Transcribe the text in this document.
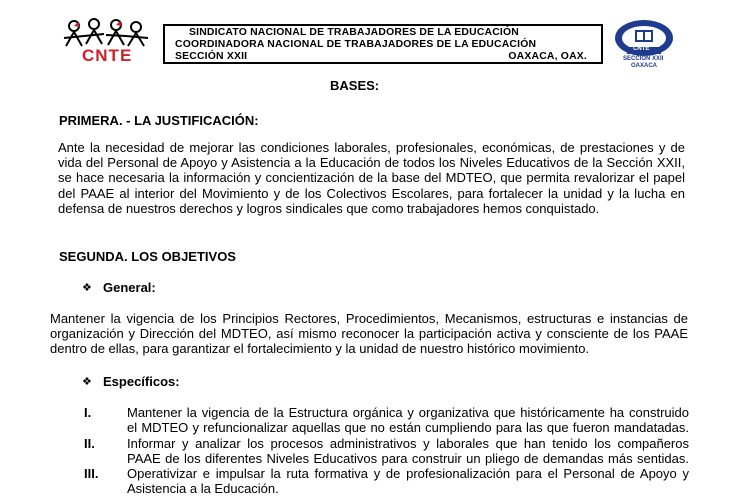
CNTE
SINDICATO NACIONAL DE TRABAJADORES DE LA EDUCACIÓN
COORDINADORA NACIONAL DE TRABAJADORES DE LA EDUCACIÓN
SECCIÓN XXII	OAXACA, OAX.
CNTE
SECCION XXII
OAXACA
BASES:
PRIMERA. - LA JUSTIFICACIÓN:
Ante la necesidad de mejorar las condiciones laborales, profesionales, económicas, de prestaciones y de
vida del Personal de Apoyo y Asistencia a la Educación de todos los Niveles Educativos de la Sección XXII,
se hace necesaria la información y concientización de la base del MDTEO, que permita revalorizar el papel
del PAAE al interior del Movimiento y de los Colectivos Escolares, para fortalecer la unidad y la lucha en
defensa de nuestros derechos y logros sindicales que como trabajadores hemos conquistado.
SEGUNDA. LOS OBJETIVOS
❖ General:
Mantener la vigencia de los Principios Rectores, Procedimientos, Mecanismos, estructuras e instancias de
organización y Dirección del MDTEO, así mismo reconocer la participación activa y consciente de los PAAE
dentro de ellas, para garantizar el fortalecimiento y la unidad de nuestro histórico movimiento.
❖ Específicos:
I.	Mantener la vigencia de la Estructura orgánica y organizativa que históricamente ha construido
el MDTEO y refuncionalizar aquellas que no están cumpliendo para las que fueron mandatadas.
II. Informar y analizar los procesos administrativos y laborales que han tenido los compañeros
PAAE de los diferentes Niveles Educativos para construir un pliego de demandas más sentidas.
III. Operativizar e impulsar la ruta formativa y de profesionalización para el Personal de Apoyo y
Asistencia a la Educación.
